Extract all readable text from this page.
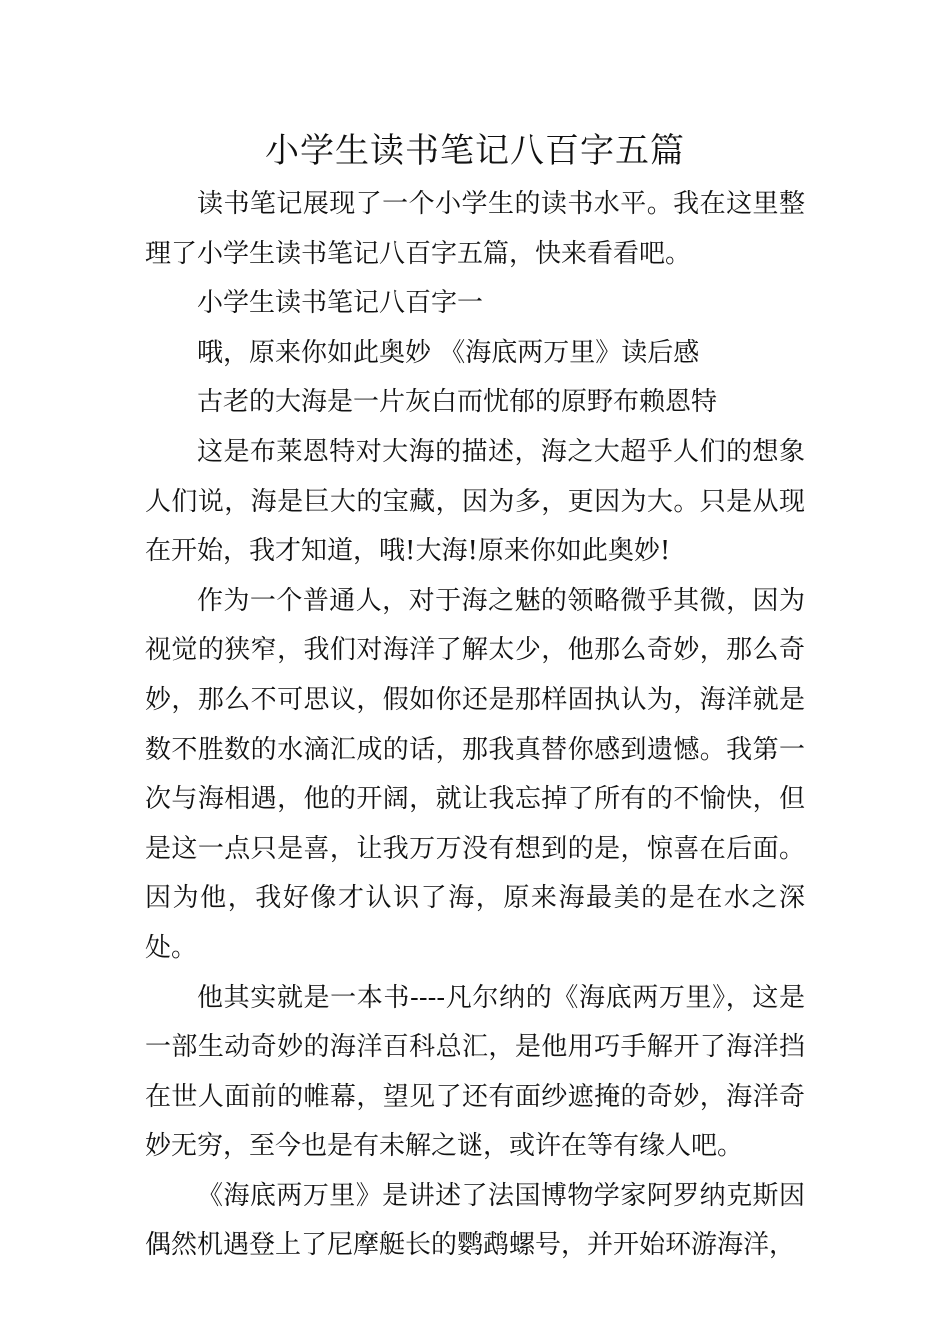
小学生读书笔记八百字五篇

读书笔记展现了一个小学生的读书水平。我在这里整理了小学生读书笔记八百字五篇，快来看看吧。

小学生读书笔记八百字一

哦，原来你如此奥妙 《海底两万里》读后感

古老的大海是一片灰白而忧郁的原野布赖恩特

这是布莱恩特对大海的描述，海之大超乎人们的想象人们说，海是巨大的宝藏，因为多，更因为大。只是从现在开始，我才知道，哦!大海!原来你如此奥妙!

作为一个普通人，对于海之魅的领略微乎其微，因为视觉的狭窄，我们对海洋了解太少，他那么奇妙，那么奇妙，那么不可思议，假如你还是那样固执认为，海洋就是数不胜数的水滴汇成的话，那我真替你感到遗憾。我第一次与海相遇，他的开阔，就让我忘掉了所有的不愉快，但是这一点只是喜，让我万万没有想到的是，惊喜在后面。因为他，我好像才认识了海，原来海最美的是在水之深处。

他其实就是一本书----凡尔纳的《海底两万里》，这是一部生动奇妙的海洋百科总汇，是他用巧手解开了海洋挡在世人面前的帷幕，望见了还有面纱遮掩的奇妙，海洋奇妙无穷，至今也是有未解之谜，或许在等有缘人吧。

《海底两万里》是讲述了法国博物学家阿罗纳克斯因偶然机遇登上了尼摩艇长的鹦鹉螺号，并开始环游海洋，
